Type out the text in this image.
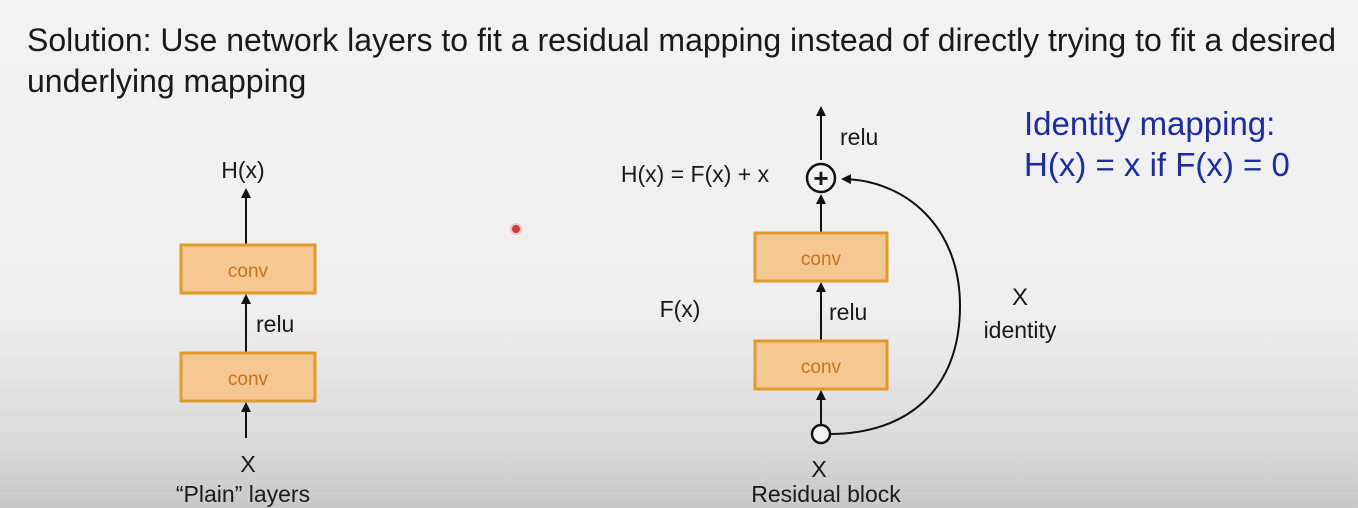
Solution: Use network layers to fit a residual mapping instead of directly trying to fit a desired underlying mapping
H(x)
conv
relu
conv
X
“Plain” layers
relu
H(x) = F(x) + x +
conv
F(x)	relu
conv
X
Residual block
X
identity
Identity mapping:
H(x) = x if F(x) = 0
